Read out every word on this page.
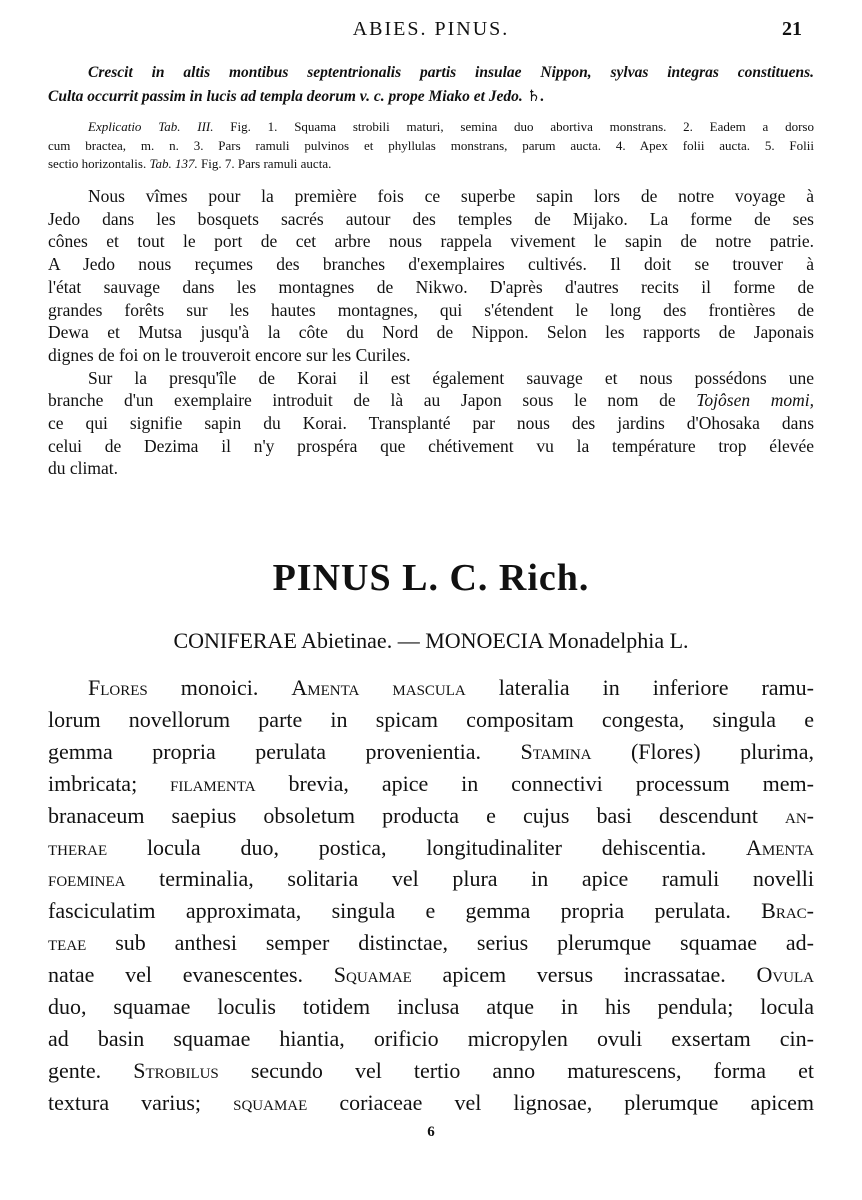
ABIES. PINUS.	21
Crescit in altis montibus septentrionalis partis insulae Nippon, sylvas integras constituens.
Culta occurrit passim in lucis ad templa deorum v. c. prope Miako et Jedo. ♄.
Explicatio Tab. III. Fig. 1. Squama strobili maturi, semina duo abortiva monstrans. 2. Eadem a dorso
cum bractea, m. n. 3. Pars ramuli pulvinos et phyllulas monstrans, parum aucta. 4. Apex folii aucta. 5. Folii
sectio horizontalis. Tab. 137. Fig. 7. Pars ramuli aucta.
Nous vîmes pour la première fois ce superbe sapin lors de notre voyage à
Jedo dans les bosquets sacrés autour des temples de Mijako. La forme de ses
cônes et tout le port de cet arbre nous rappela vivement le sapin de notre patrie.
A Jedo nous reçumes des branches d'exemplaires cultivés. Il doit se trouver à
l'état sauvage dans les montagnes de Nikwo. D'après d'autres recits il forme de
grandes forêts sur les hautes montagnes, qui s'étendent le long des frontières de
Dewa et Mutsa jusqu'à la côte du Nord de Nippon. Selon les rapports de Japonais
dignes de foi on le trouveroit encore sur les Curiles.
Sur la presqu'île de Korai il est également sauvage et nous possédons une
branche d'un exemplaire introduit de là au Japon sous le nom de Tojôsen momi,
ce qui signifie sapin du Korai. Transplanté par nous des jardins d'Ohosaka dans
celui de Dezima il n'y prospéra que chétivement vu la température trop élevée
du climat.
PINUS L. C. Rich.
CONIFERAE Abietinae. — MONOECIA Monadelphia L.
Flores monoici. Amenta mascula lateralia in inferiore ramu-
lorum novellorum parte in spicam compositam congesta, singula e
gemma propria perulata provenientia. Stamina (Flores) plurima,
imbricata; filamenta brevia, apice in connectivi processum mem-
branaceum saepius obsoletum producta e cujus basi descendunt an-
therae locula duo, postica, longitudinaliter dehiscentia. Amenta
foeminea terminalia, solitaria vel plura in apice ramuli novelli
fasciculatim approximata, singula e gemma propria perulata. Brac-
teae sub anthesi semper distinctae, serius plerumque squamae ad-
natae vel evanescentes. Squamae apicem versus incrassatae. Ovula
duo, squamae loculis totidem inclusa atque in his pendula; locula
ad basin squamae hiantia, orificio micropylen ovuli exsertam cin-
gente. Strobilus secundo vel tertio anno maturescens, forma et
textura varius; squamae coriaceae vel lignosae, plerumque apicem
6
